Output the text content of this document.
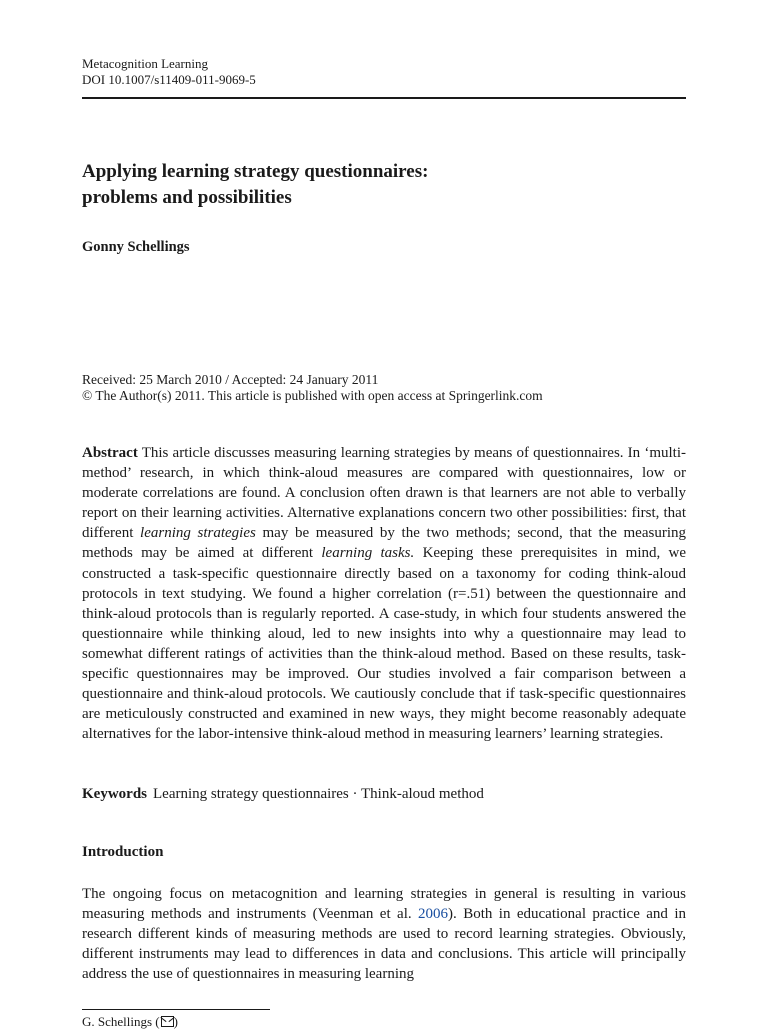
Metacognition Learning
DOI 10.1007/s11409-011-9069-5
Applying learning strategy questionnaires:
problems and possibilities
Gonny Schellings
Received: 25 March 2010 / Accepted: 24 January 2011
© The Author(s) 2011. This article is published with open access at Springerlink.com
Abstract This article discusses measuring learning strategies by means of questionnaires. In ‘multi-method’ research, in which think-aloud measures are compared with questionnaires, low or moderate correlations are found. A conclusion often drawn is that learners are not able to verbally report on their learning activities. Alternative explanations concern two other possibilities: first, that different learning strategies may be measured by the two methods; second, that the measuring methods may be aimed at different learning tasks. Keeping these prerequisites in mind, we constructed a task-specific questionnaire directly based on a taxonomy for coding think-aloud protocols in text studying. We found a higher correlation (r=.51) between the questionnaire and think-aloud protocols than is regularly reported. A case-study, in which four students answered the questionnaire while thinking aloud, led to new insights into why a questionnaire may lead to somewhat different ratings of activities than the think-aloud method. Based on these results, task-specific questionnaires may be improved. Our studies involved a fair comparison between a questionnaire and think-aloud protocols. We cautiously conclude that if task-specific questionnaires are meticulously constructed and examined in new ways, they might become reasonably adequate alternatives for the labor-intensive think-aloud method in measuring learners’ learning strategies.
Keywords Learning strategy questionnaires · Think-aloud method
Introduction
The ongoing focus on metacognition and learning strategies in general is resulting in various measuring methods and instruments (Veenman et al. 2006). Both in educational practice and in research different kinds of measuring methods are used to record learning strategies. Obviously, different instruments may lead to differences in data and conclusions. This article will principally address the use of questionnaires in measuring learning
G. Schellings ( )
